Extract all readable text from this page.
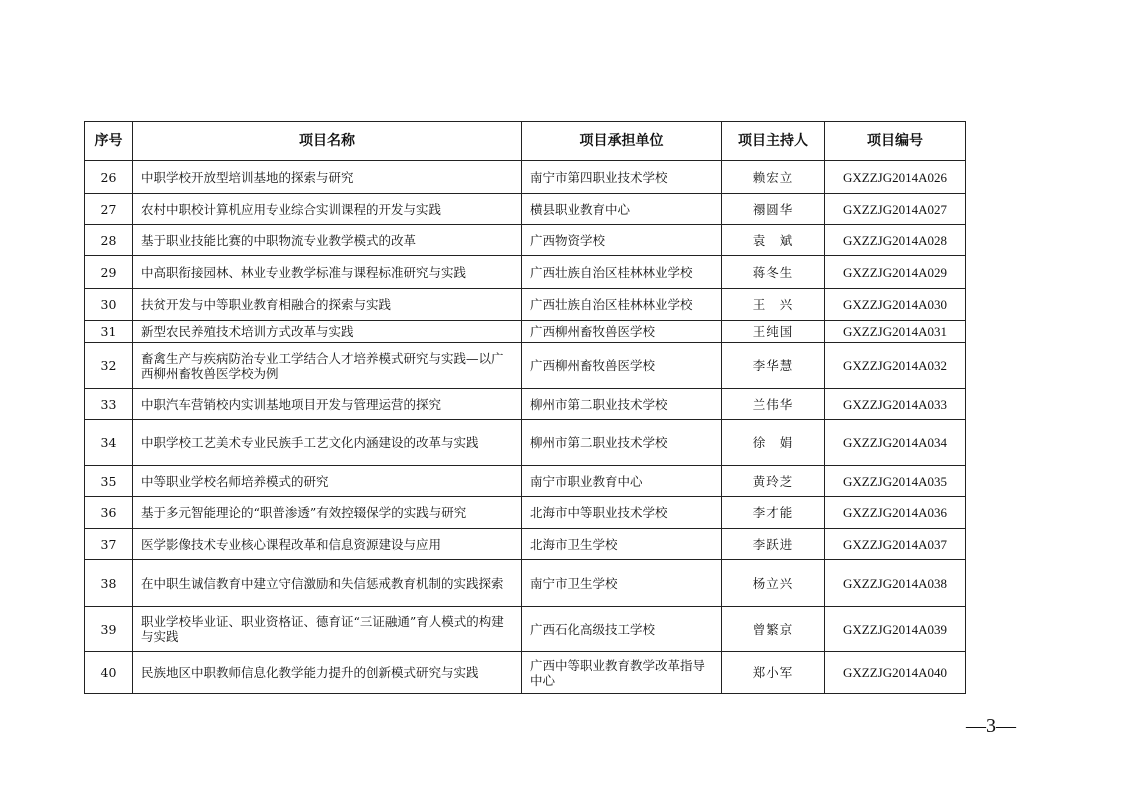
序号	项目名称	项目承担单位	项目主持人	项目编号
26	中职学校开放型培训基地的探索与研究	南宁市第四职业技术学校	赖宏立	GXZZJG2014A026
27	农村中职校计算机应用专业综合实训课程的开发与实践	横县职业教育中心	禤圆华	GXZZJG2014A027
28	基于职业技能比赛的中职物流专业教学模式的改革	广西物资学校	袁　斌	GXZZJG2014A028
29	中高职衔接园林、林业专业教学标准与课程标准研究与实践	广西壮族自治区桂林林业学校	蒋冬生	GXZZJG2014A029
30	扶贫开发与中等职业教育相融合的探索与实践	广西壮族自治区桂林林业学校	王　兴	GXZZJG2014A030
31	新型农民养殖技术培训方式改革与实践	广西柳州畜牧兽医学校	王纯国	GXZZJG2014A031
32	畜禽生产与疾病防治专业工学结合人才培养模式研究与实践—以广西柳州畜牧兽医学校为例	广西柳州畜牧兽医学校	李华慧	GXZZJG2014A032
33	中职汽车营销校内实训基地项目开发与管理运营的探究	柳州市第二职业技术学校	兰伟华	GXZZJG2014A033
34	中职学校工艺美术专业民族手工艺文化内涵建设的改革与实践	柳州市第二职业技术学校	徐　娟	GXZZJG2014A034
35	中等职业学校名师培养模式的研究	南宁市职业教育中心	黄玲芝	GXZZJG2014A035
36	基于多元智能理论的“职普渗透”有效控辍保学的实践与研究	北海市中等职业技术学校	李才能	GXZZJG2014A036
37	医学影像技术专业核心课程改革和信息资源建设与应用	北海市卫生学校	李跃进	GXZZJG2014A037
38	在中职生诚信教育中建立守信激励和失信惩戒教育机制的实践探索	南宁市卫生学校	杨立兴	GXZZJG2014A038
39	职业学校毕业证、职业资格证、德育证“三证融通”育人模式的构建与实践	广西石化高级技工学校	曾繁京	GXZZJG2014A039
40	民族地区中职教师信息化教学能力提升的创新模式研究与实践	广西中等职业教育教学改革指导中心	郑小军	GXZZJG2014A040
—3—
